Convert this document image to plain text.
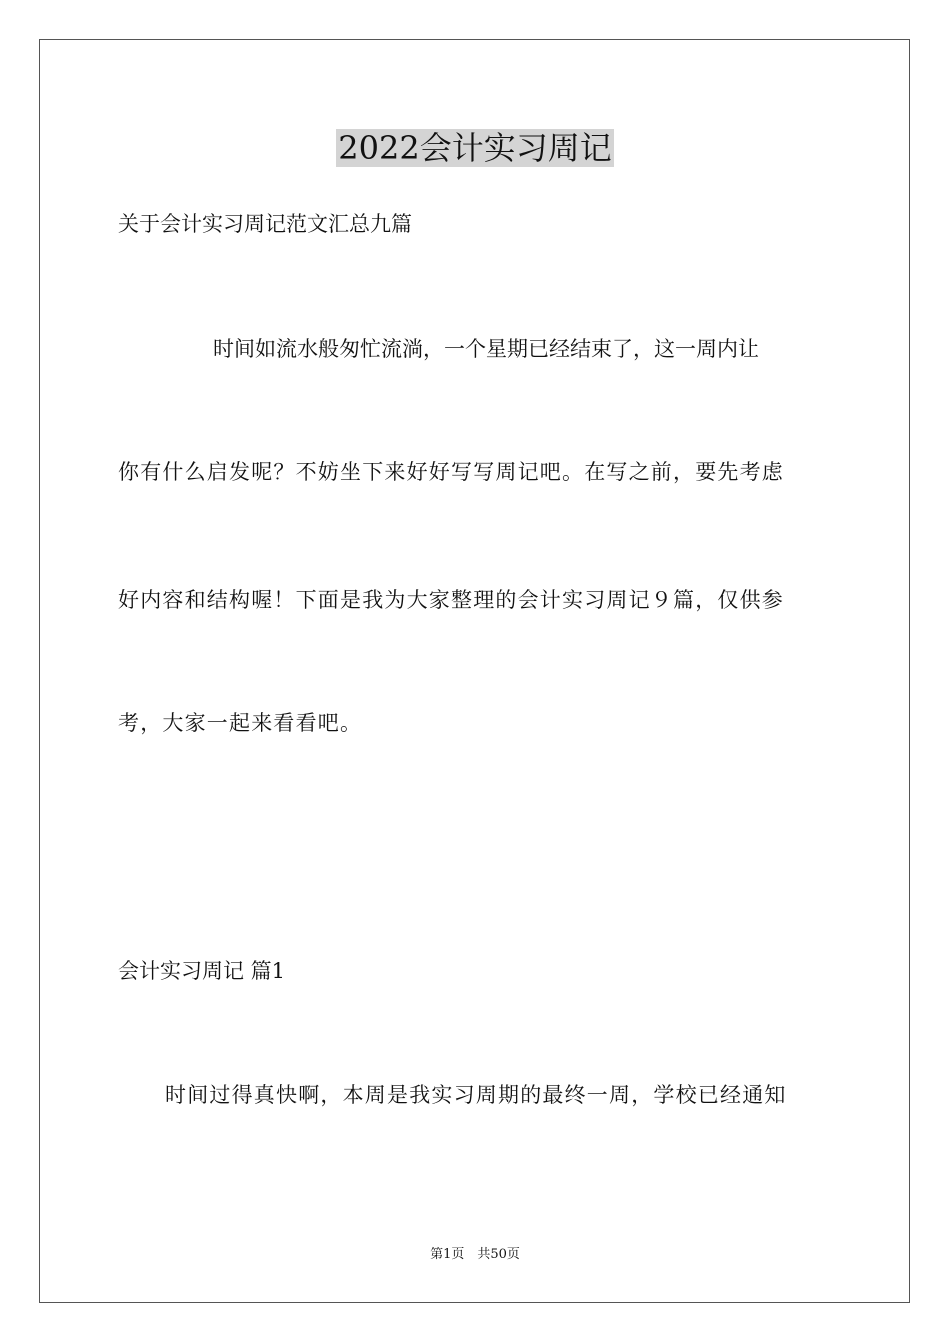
2022会计实习周记
关于会计实习周记范文汇总九篇
时间如流水般匆忙流淌，一个星期已经结束了，这一周内让
你有什么启发呢？不妨坐下来好好写写周记吧。在写之前，要先考虑
好内容和结构喔！下面是我为大家整理的会计实习周记９篇，仅供参
考，大家一起来看看吧。
会计实习周记 篇1
时间过得真快啊，本周是我实习周期的最终一周，学校已经通知
第1页　共50页
